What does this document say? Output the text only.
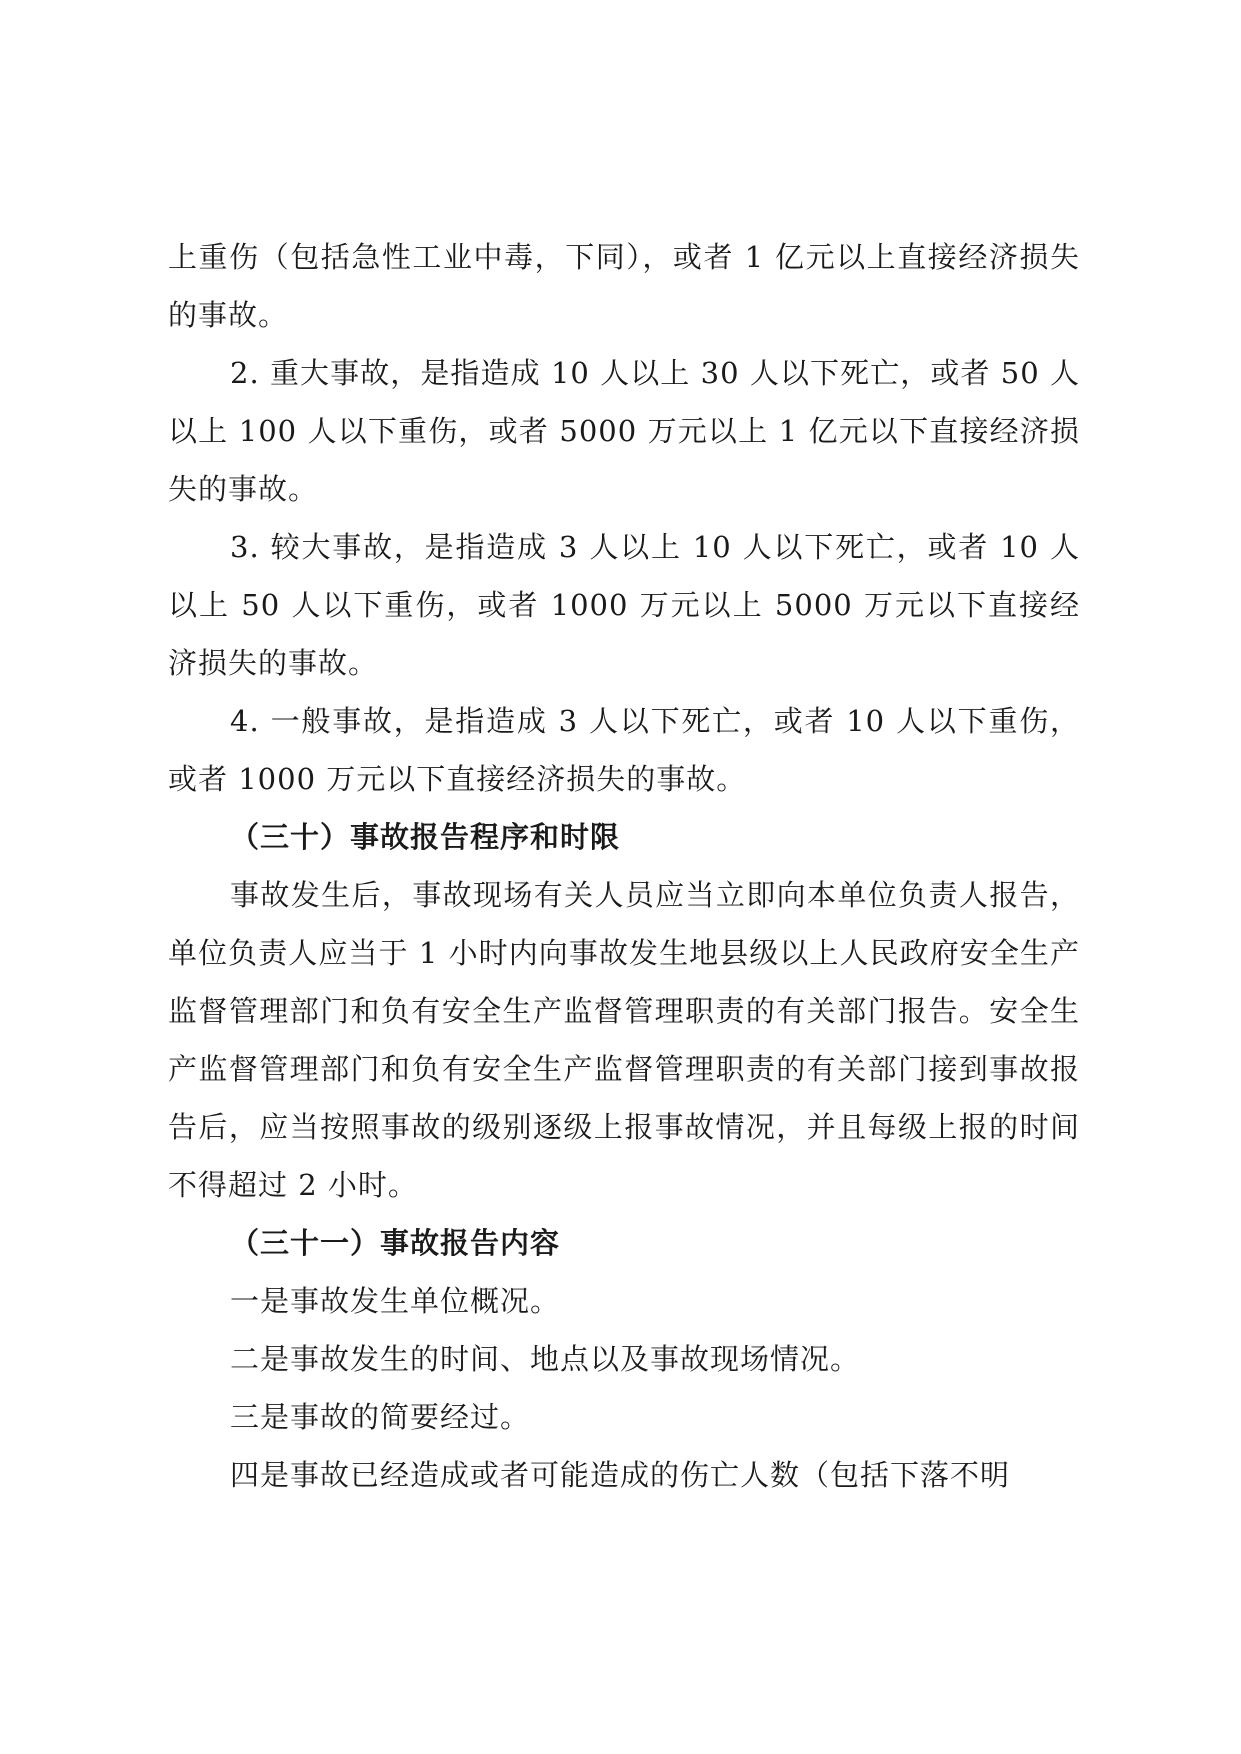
上重伤（包括急性工业中毒，下同），或者 1 亿元以上直接经济损失的事故。

2. 重大事故，是指造成 10 人以上 30 人以下死亡，或者 50 人以上 100 人以下重伤，或者 5000 万元以上 1 亿元以下直接经济损失的事故。

3. 较大事故，是指造成 3 人以上 10 人以下死亡，或者 10 人以上 50 人以下重伤，或者 1000 万元以上 5000 万元以下直接经济损失的事故。

4. 一般事故，是指造成 3 人以下死亡，或者 10 人以下重伤，或者 1000 万元以下直接经济损失的事故。

（三十）事故报告程序和时限

事故发生后，事故现场有关人员应当立即向本单位负责人报告，单位负责人应当于 1 小时内向事故发生地县级以上人民政府安全生产监督管理部门和负有安全生产监督管理职责的有关部门报告。安全生产监督管理部门和负有安全生产监督管理职责的有关部门接到事故报告后，应当按照事故的级别逐级上报事故情况，并且每级上报的时间不得超过 2 小时。

（三十一）事故报告内容

一是事故发生单位概况。

二是事故发生的时间、地点以及事故现场情况。

三是事故的简要经过。

四是事故已经造成或者可能造成的伤亡人数（包括下落不明
